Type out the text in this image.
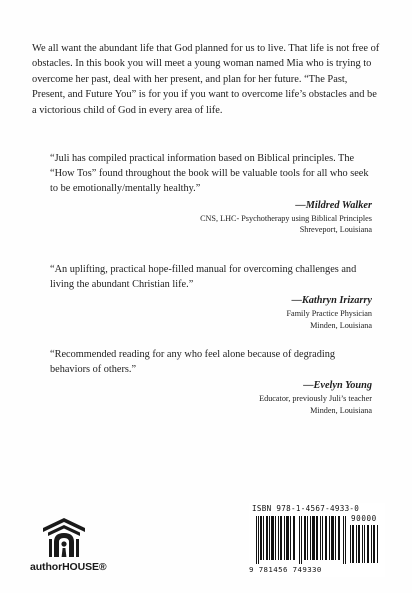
We all want the abundant life that God planned for us to live. That life is not free of obstacles. In this book you will meet a young woman named Mia who is trying to overcome her past, deal with her present, and plan for her future. “The Past, Present, and Future You” is for you if you want to overcome life’s obstacles and be a victorious child of God in every area of life.

“Juli has compiled practical information based on Biblical principles. The “How Tos” found throughout the book will be valuable tools for all who seek to be emotionally/mentally healthy.”

—Mildred Walker
CNS, LHC- Psychotherapy using Biblical Principles
Shreveport, Louisiana

“An uplifting, practical hope-filled manual for overcoming challenges and living the abundant Christian life.”

—Kathryn Irizarry
Family Practice Physician
Minden, Louisiana

“Recommended reading for any who feel alone because of degrading behaviors of others.”

—Evelyn Young
Educator, previously Juli’s teacher
Minden, Louisiana
authorHOUSE®
ISBN 978-1-4567-4933-0
90000
9 781456 749330
